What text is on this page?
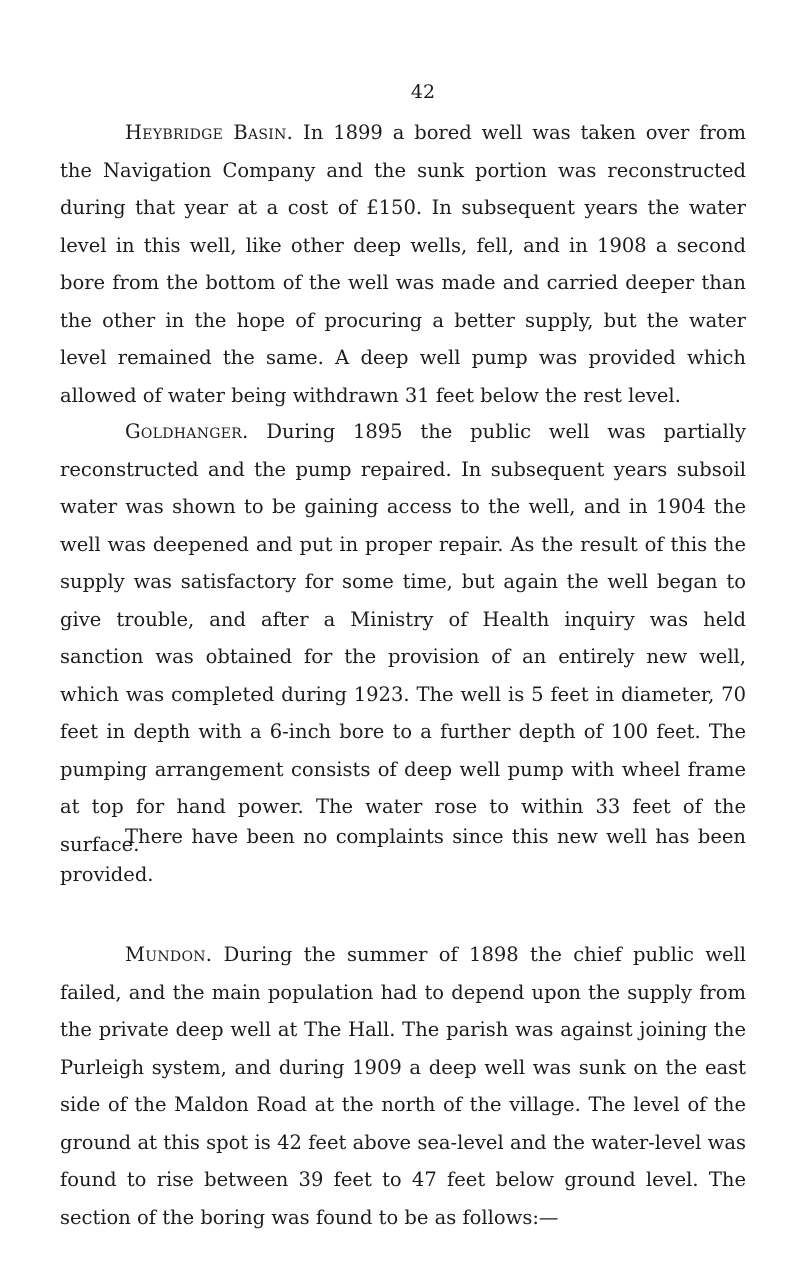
42

Heybridge Basin. In 1899 a bored well was taken over from the Navigation Company and the sunk portion was reconstructed during that year at a cost of £150. In subsequent years the water level in this well, like other deep wells, fell, and in 1908 a second bore from the bottom of the well was made and carried deeper than the other in the hope of procuring a better supply, but the water level remained the same. A deep well pump was provided which allowed of water being withdrawn 31 feet below the rest level.

Goldhanger. During 1895 the public well was partially reconstructed and the pump repaired. In subsequent years subsoil water was shown to be gaining access to the well, and in 1904 the well was deepened and put in proper repair. As the result of this the supply was satisfactory for some time, but again the well began to give trouble, and after a Ministry of Health inquiry was held sanction was obtained for the provision of an entirely new well, which was completed during 1923. The well is 5 feet in diameter, 70 feet in depth with a 6-inch bore to a further depth of 100 feet. The pumping arrangement consists of deep well pump with wheel frame at top for hand power. The water rose to within 33 feet of the surface.

There have been no complaints since this new well has been provided.

Mundon. During the summer of 1898 the chief public well failed, and the main population had to depend upon the supply from the private deep well at The Hall. The parish was against joining the Purleigh system, and during 1909 a deep well was sunk on the east side of the Maldon Road at the north of the village. The level of the ground at this spot is 42 feet above sea-level and the water-level was found to rise between 39 feet to 47 feet below ground level. The section of the boring was found to be as follows:—
